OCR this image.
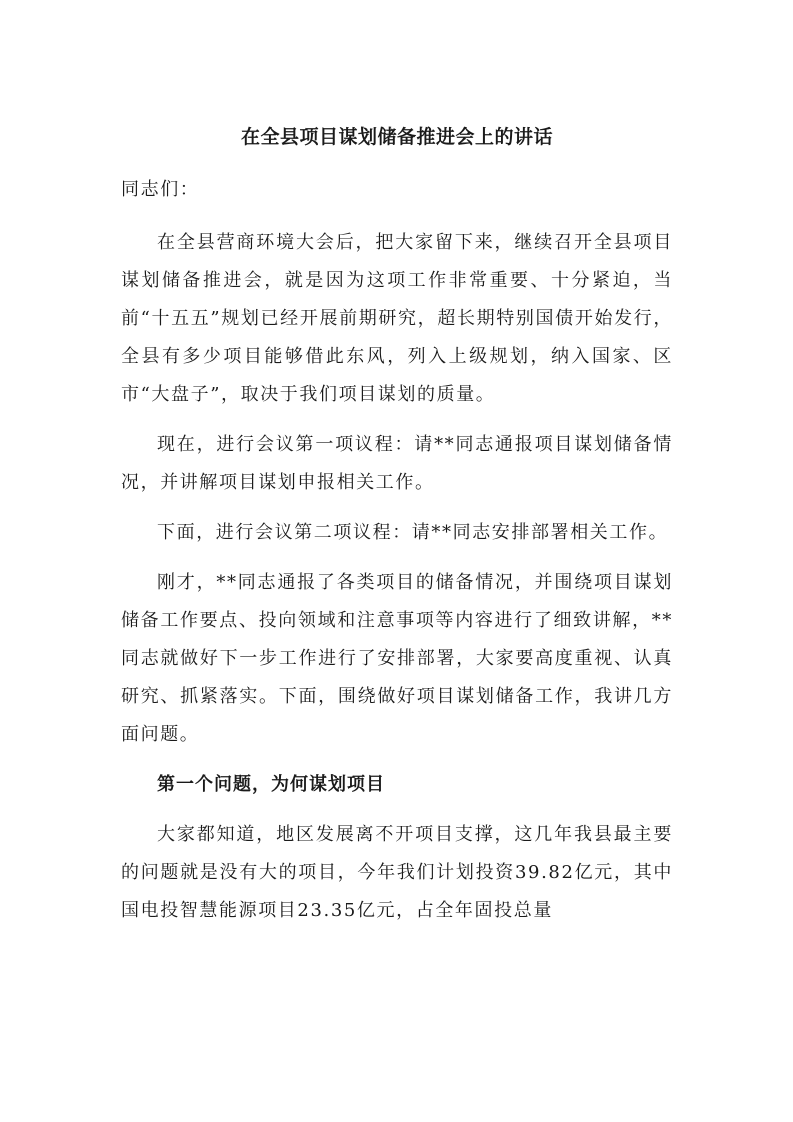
在全县项目谋划储备推进会上的讲话

同志们：

在全县营商环境大会后，把大家留下来，继续召开全县项目谋划储备推进会，就是因为这项工作非常重要、十分紧迫，当前“十五五”规划已经开展前期研究，超长期特别国债开始发行，全县有多少项目能够借此东风，列入上级规划，纳入国家、区市“大盘子”，取决于我们项目谋划的质量。

现在，进行会议第一项议程：请**同志通报项目谋划储备情况，并讲解项目谋划申报相关工作。

下面，进行会议第二项议程：请**同志安排部署相关工作。

刚才，**同志通报了各类项目的储备情况，并围绕项目谋划储备工作要点、投向领域和注意事项等内容进行了细致讲解，**同志就做好下一步工作进行了安排部署，大家要高度重视、认真研究、抓紧落实。下面，围绕做好项目谋划储备工作，我讲几方面问题。

第一个问题，为何谋划项目

大家都知道，地区发展离不开项目支撑，这几年我县最主要的问题就是没有大的项目，今年我们计划投资39.82亿元，其中国电投智慧能源项目23.35亿元，占全年固投总量
